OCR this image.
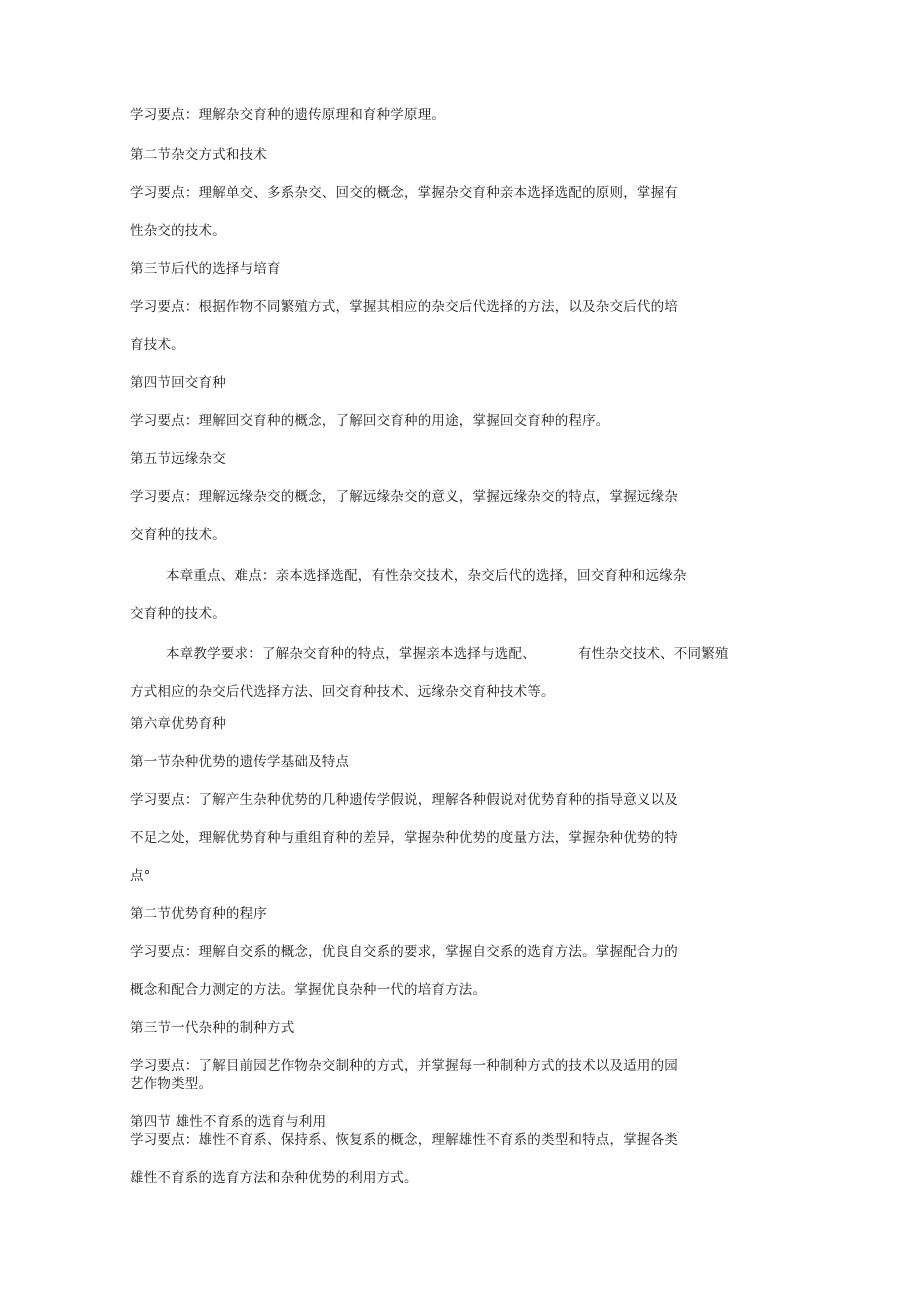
学习要点：理解杂交育种的遗传原理和育种学原理。
第二节杂交方式和技术
学习要点：理解单交、多系杂交、回交的概念，掌握杂交育种亲本选择选配的原则，掌握有
性杂交的技术。
第三节后代的选择与培育
学习要点：根据作物不同繁殖方式，掌握其相应的杂交后代选择的方法，以及杂交后代的培
育技术。
第四节回交育种
学习要点：理解回交育种的概念，了解回交育种的用途，掌握回交育种的程序。
第五节远缘杂交
学习要点：理解远缘杂交的概念，了解远缘杂交的意义，掌握远缘杂交的特点，掌握远缘杂
交育种的技术。
本章重点、难点：亲本选择选配，有性杂交技术，杂交后代的选择，回交育种和远缘杂
交育种的技术。
本章教学要求：了解杂交育种的特点，掌握亲本选择与选配、	有性杂交技术、不同繁殖
方式相应的杂交后代选择方法、回交育种技术、远缘杂交育种技术等。
第六章优势育种
第一节杂种优势的遗传学基础及特点
学习要点：了解产生杂种优势的几种遗传学假说，理解各种假说对优势育种的指导意义以及
不足之处，理解优势育种与重组育种的差异，掌握杂种优势的度量方法，掌握杂种优势的特
点°
第二节优势育种的程序
学习要点：理解自交系的概念，优良自交系的要求，掌握自交系的选育方法。掌握配合力的
概念和配合力测定的方法。掌握优良杂种一代的培育方法。
第三节一代杂种的制种方式
学习要点：了解目前园艺作物杂交制种的方式，并掌握每一种制种方式的技术以及适用的园
艺作物类型。
第四节 雄性不育系的选育与利用
学习要点：雄性不育系、保持系、恢复系的概念，理解雄性不育系的类型和特点，掌握各类
雄性不育系的选育方法和杂种优势的利用方式。
